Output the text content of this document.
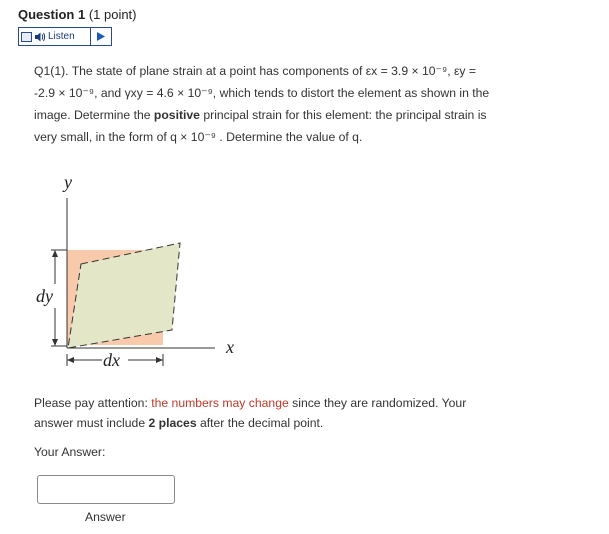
Question 1 (1 point)
Listen
Q1(1). The state of plane strain at a point has components of εx = 3.9 × 10⁻⁹, εy =
-2.9 × 10⁻⁹, and γxy = 4.6 × 10⁻⁹, which tends to distort the element as shown in the
image. Determine the positive principal strain for this element: the principal strain is
very small, in the form of q × 10⁻⁹ . Determine the value of q.
dy
dx
y
x
Please pay attention: the numbers may change since they are randomized. Your answer must include 2 places after the decimal point.
Your Answer:
Answer
